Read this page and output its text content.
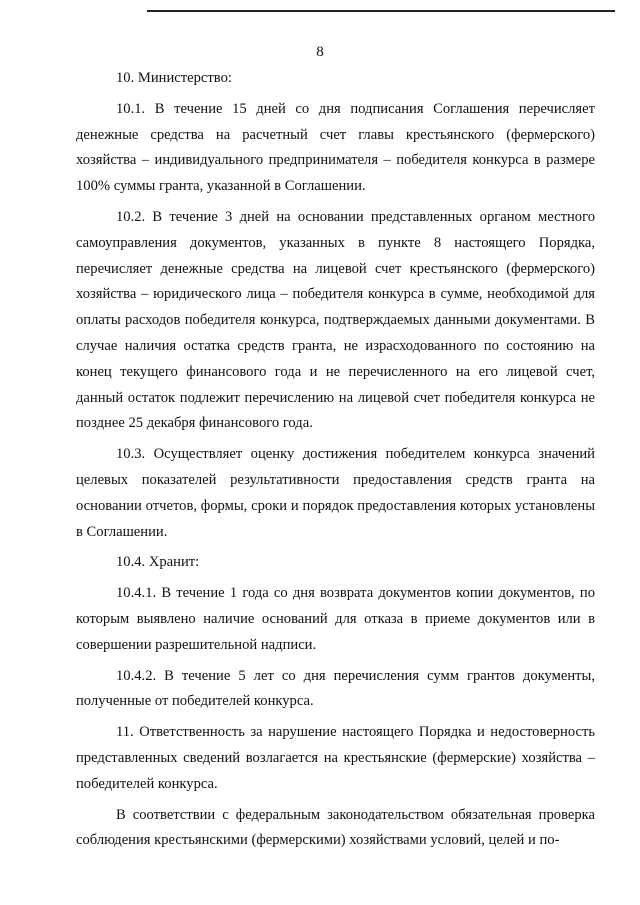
8

10. Министерство:

10.1. В течение 15 дней со дня подписания Соглашения перечисляет денежные средства на расчетный счет главы крестьянского (фермерского) хозяйства – индивидуального предпринимателя – победителя конкурса в размере 100% суммы гранта, указанной в Соглашении.

10.2. В течение 3 дней на основании представленных органом местного самоуправления документов, указанных в пункте 8 настоящего Порядка, перечисляет денежные средства на лицевой счет крестьянского (фермерского) хозяйства – юридического лица – победителя конкурса в сумме, необходимой для оплаты расходов победителя конкурса, подтверждаемых данными документами. В случае наличия остатка средств гранта, не израсходованного по состоянию на конец текущего финансового года и не перечисленного на его лицевой счет, данный остаток подлежит перечислению на лицевой счет победителя конкурса не позднее 25 декабря финансового года.

10.3. Осуществляет оценку достижения победителем конкурса значений целевых показателей результативности предоставления средств гранта на основании отчетов, формы, сроки и порядок предоставления которых установлены в Соглашении.

10.4. Хранит:

10.4.1. В течение 1 года со дня возврата документов копии документов, по которым выявлено наличие оснований для отказа в приеме документов или в совершении разрешительной надписи.

10.4.2. В течение 5 лет со дня перечисления сумм грантов документы, полученные от победителей конкурса.

11. Ответственность за нарушение настоящего Порядка и недостоверность представленных сведений возлагается на крестьянские (фермерские) хозяйства – победителей конкурса.

В соответствии с федеральным законодательством обязательная проверка соблюдения крестьянскими (фермерскими) хозяйствами условий, целей и по-
